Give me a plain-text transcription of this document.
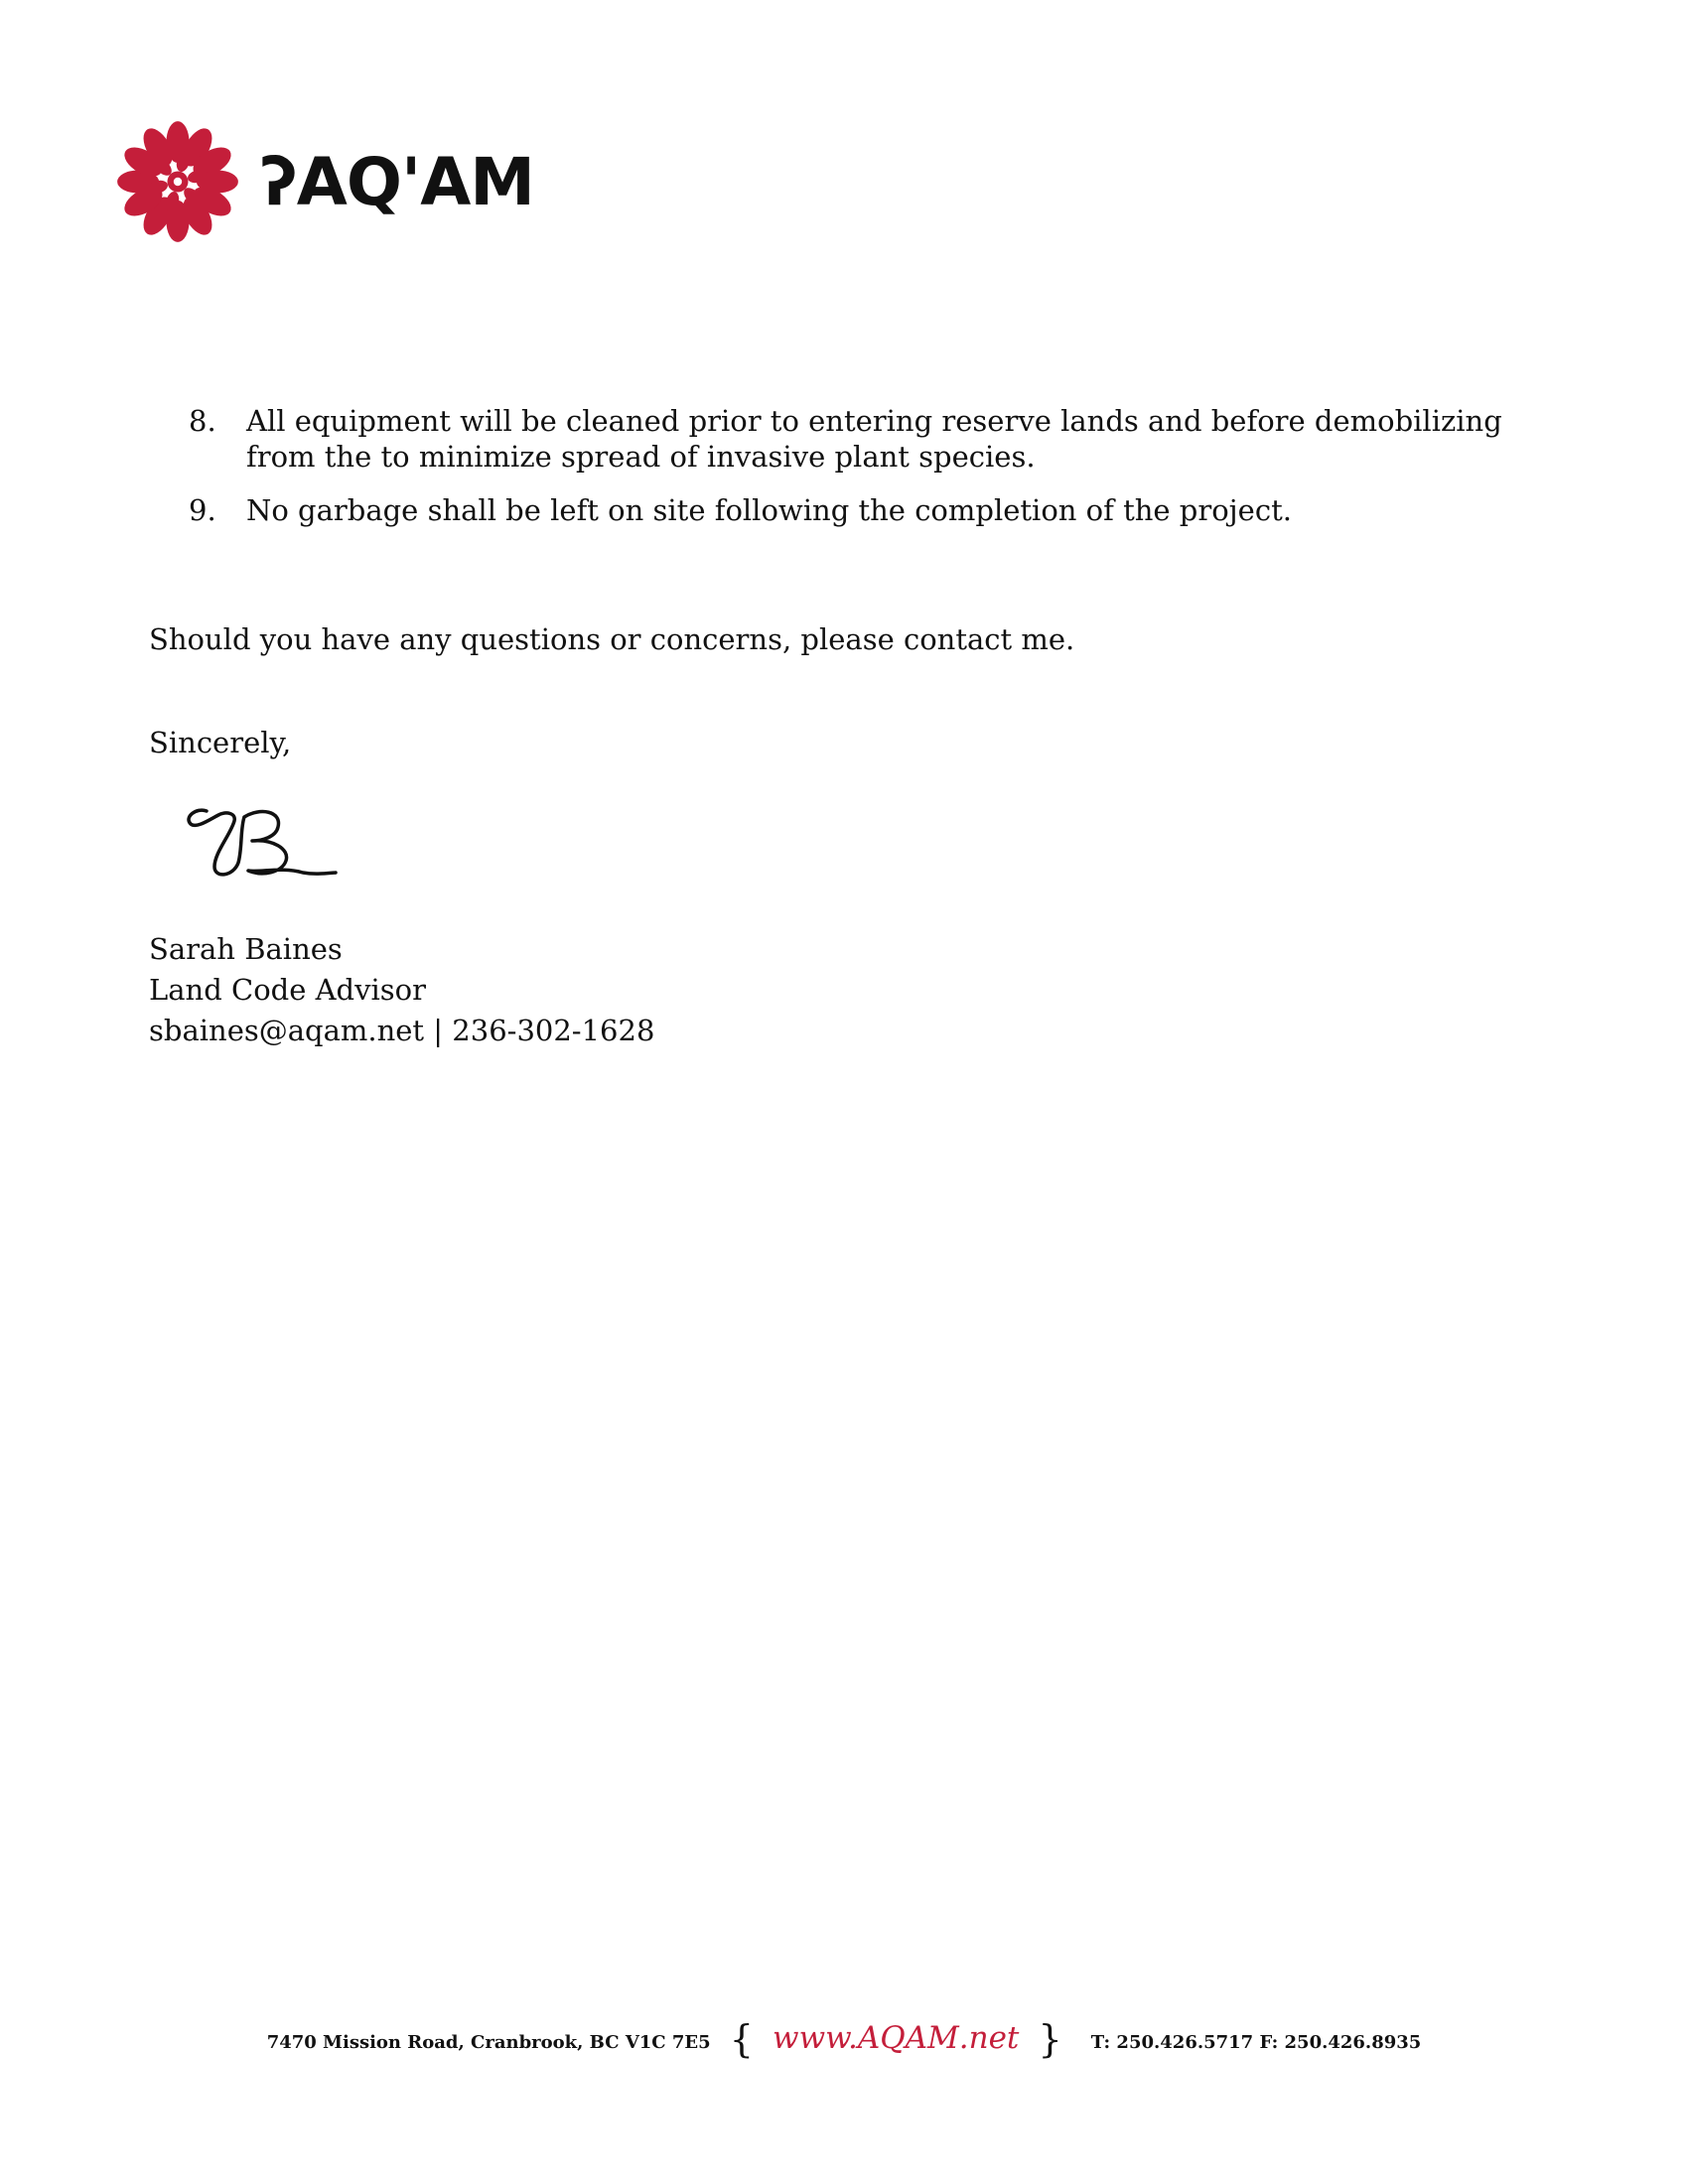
ʔAQ'AM
8.	All equipment will be cleaned prior to entering reserve lands and before demobilizing from the to minimize spread of invasive plant species.
9.	No garbage shall be left on site following the completion of the project.

Should you have any questions or concerns, please contact me.

Sincerely,

Sarah Baines
Land Code Advisor
sbaines@aqam.net | 236-302-1628
7470 Mission Road, Cranbrook, BC V1C 7E5 { www.AQAM.net } T: 250.426.5717 F: 250.426.8935
